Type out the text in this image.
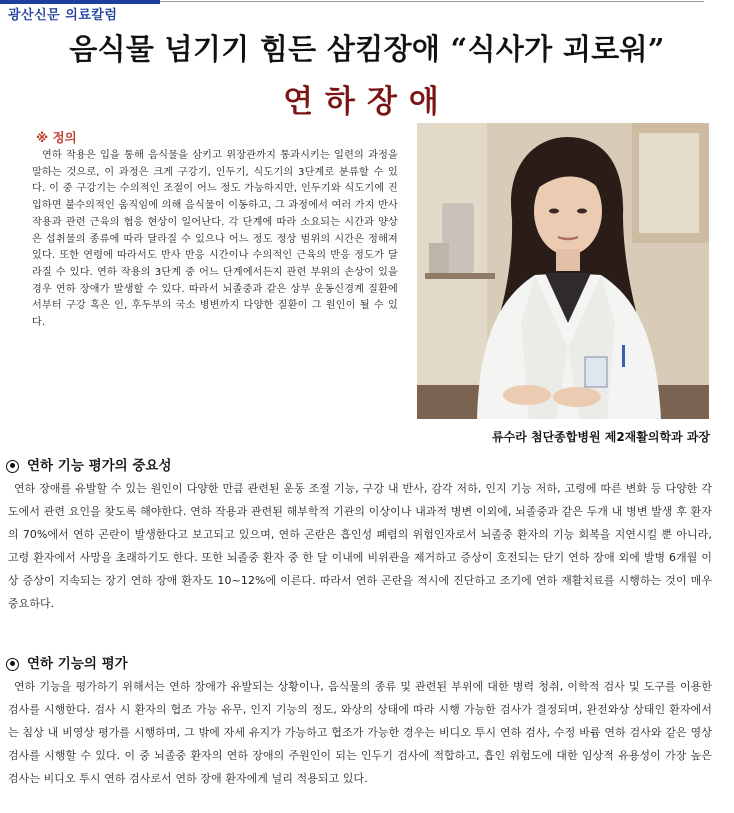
광산신문 의료칼럼
음식물 넘기기 힘든 삼킴장애 “식사가 괴로워”
연하장애
※ 정의

연하 작용은 입을 통해 음식물을 삼키고 위장관까지 통과시키는 일련의 과정을 말하는 것으로, 이 과정은 크게 구강기, 인두기, 식도기의 3단계로 분류할 수 있다. 이 중 구강기는 수의적인 조절이 어느 정도 가능하지만, 인두기와 식도기에 진입하면 불수의적인 움직임에 의해 음식물이 이동하고, 그 과정에서 여러 가지 반사 작용과 관련 근육의 협응 현상이 일어난다. 각 단계에 따라 소요되는 시간과 양상은 섭취물의 종류에 따라 달라질 수 있으나 어느 정도 정상 범위의 시간은 정해져 있다. 또한 연령에 따라서도 반사 반응 시간이나 수의적인 근육의 반응 정도가 달라질 수 있다. 연하 작용의 3단계 중 어느 단계에서든지 관련 부위의 손상이 있을 경우 연하 장애가 발생할 수 있다. 따라서 뇌졸중과 같은 상부 운동신경계 질환에서부터 구강 혹은 인, 후두부의 국소 병변까지 다양한 질환이 그 원인이 될 수 있다.

류수라 첨단종합병원 제2재활의학과 과장
연하 기능 평가의 중요성

연하 장애를 유발할 수 있는 원인이 다양한 만큼 관련된 운동 조절 기능, 구강 내 반사, 감각 저하, 인지 기능 저하, 고령에 따른 변화 등 다양한 각도에서 관련 요인을 찾도록 해야한다. 연하 작용과 관련된 해부학적 기관의 이상이나 내과적 병변 이외에, 뇌졸중과 같은 두개 내 병변 발생 후 환자의 70%에서 연하 곤란이 발생한다고 보고되고 있으며, 연하 곤란은 흡인성 폐렴의 위험인자로서 뇌졸중 환자의 기능 회복을 지연시킬 뿐 아니라, 고령 환자에서 사망을 초래하기도 한다. 또한 뇌졸중 환자 중 한 달 이내에 비위관을 제거하고 증상이 호전되는 단기 연하 장애 외에 발병 6개월 이상 증상이 지속되는 장기 연하 장애 환자도 10~12%에 이른다. 따라서 연하 곤란을 적시에 진단하고 조기에 연하 재활치료를 시행하는 것이 매우 중요하다.

연하 기능의 평가

연하 기능을 평가하기 위해서는 연하 장애가 유발되는 상황이나, 음식물의 종류 및 관련된 부위에 대한 병력 청취, 이학적 검사 및 도구를 이용한 검사를 시행한다. 검사 시 환자의 협조 가능 유무, 인지 기능의 정도, 와상의 상태에 따라 시행 가능한 검사가 결정되며, 완전와상 상태인 환자에서는 침상 내 비영상 평가를 시행하며, 그 밖에 자세 유지가 가능하고 협조가 가능한 경우는 비디오 투시 연하 검사, 수정 바륨 연하 검사와 같은 영상 검사를 시행할 수 있다. 이 중 뇌졸중 환자의 연하 장애의 주원인이 되는 인두기 검사에 적합하고, 흡인 위험도에 대한 임상적 유용성이 가장 높은 검사는 비디오 투시 연하 검사로서 연하 장애 환자에게 널리 적용되고 있다.
